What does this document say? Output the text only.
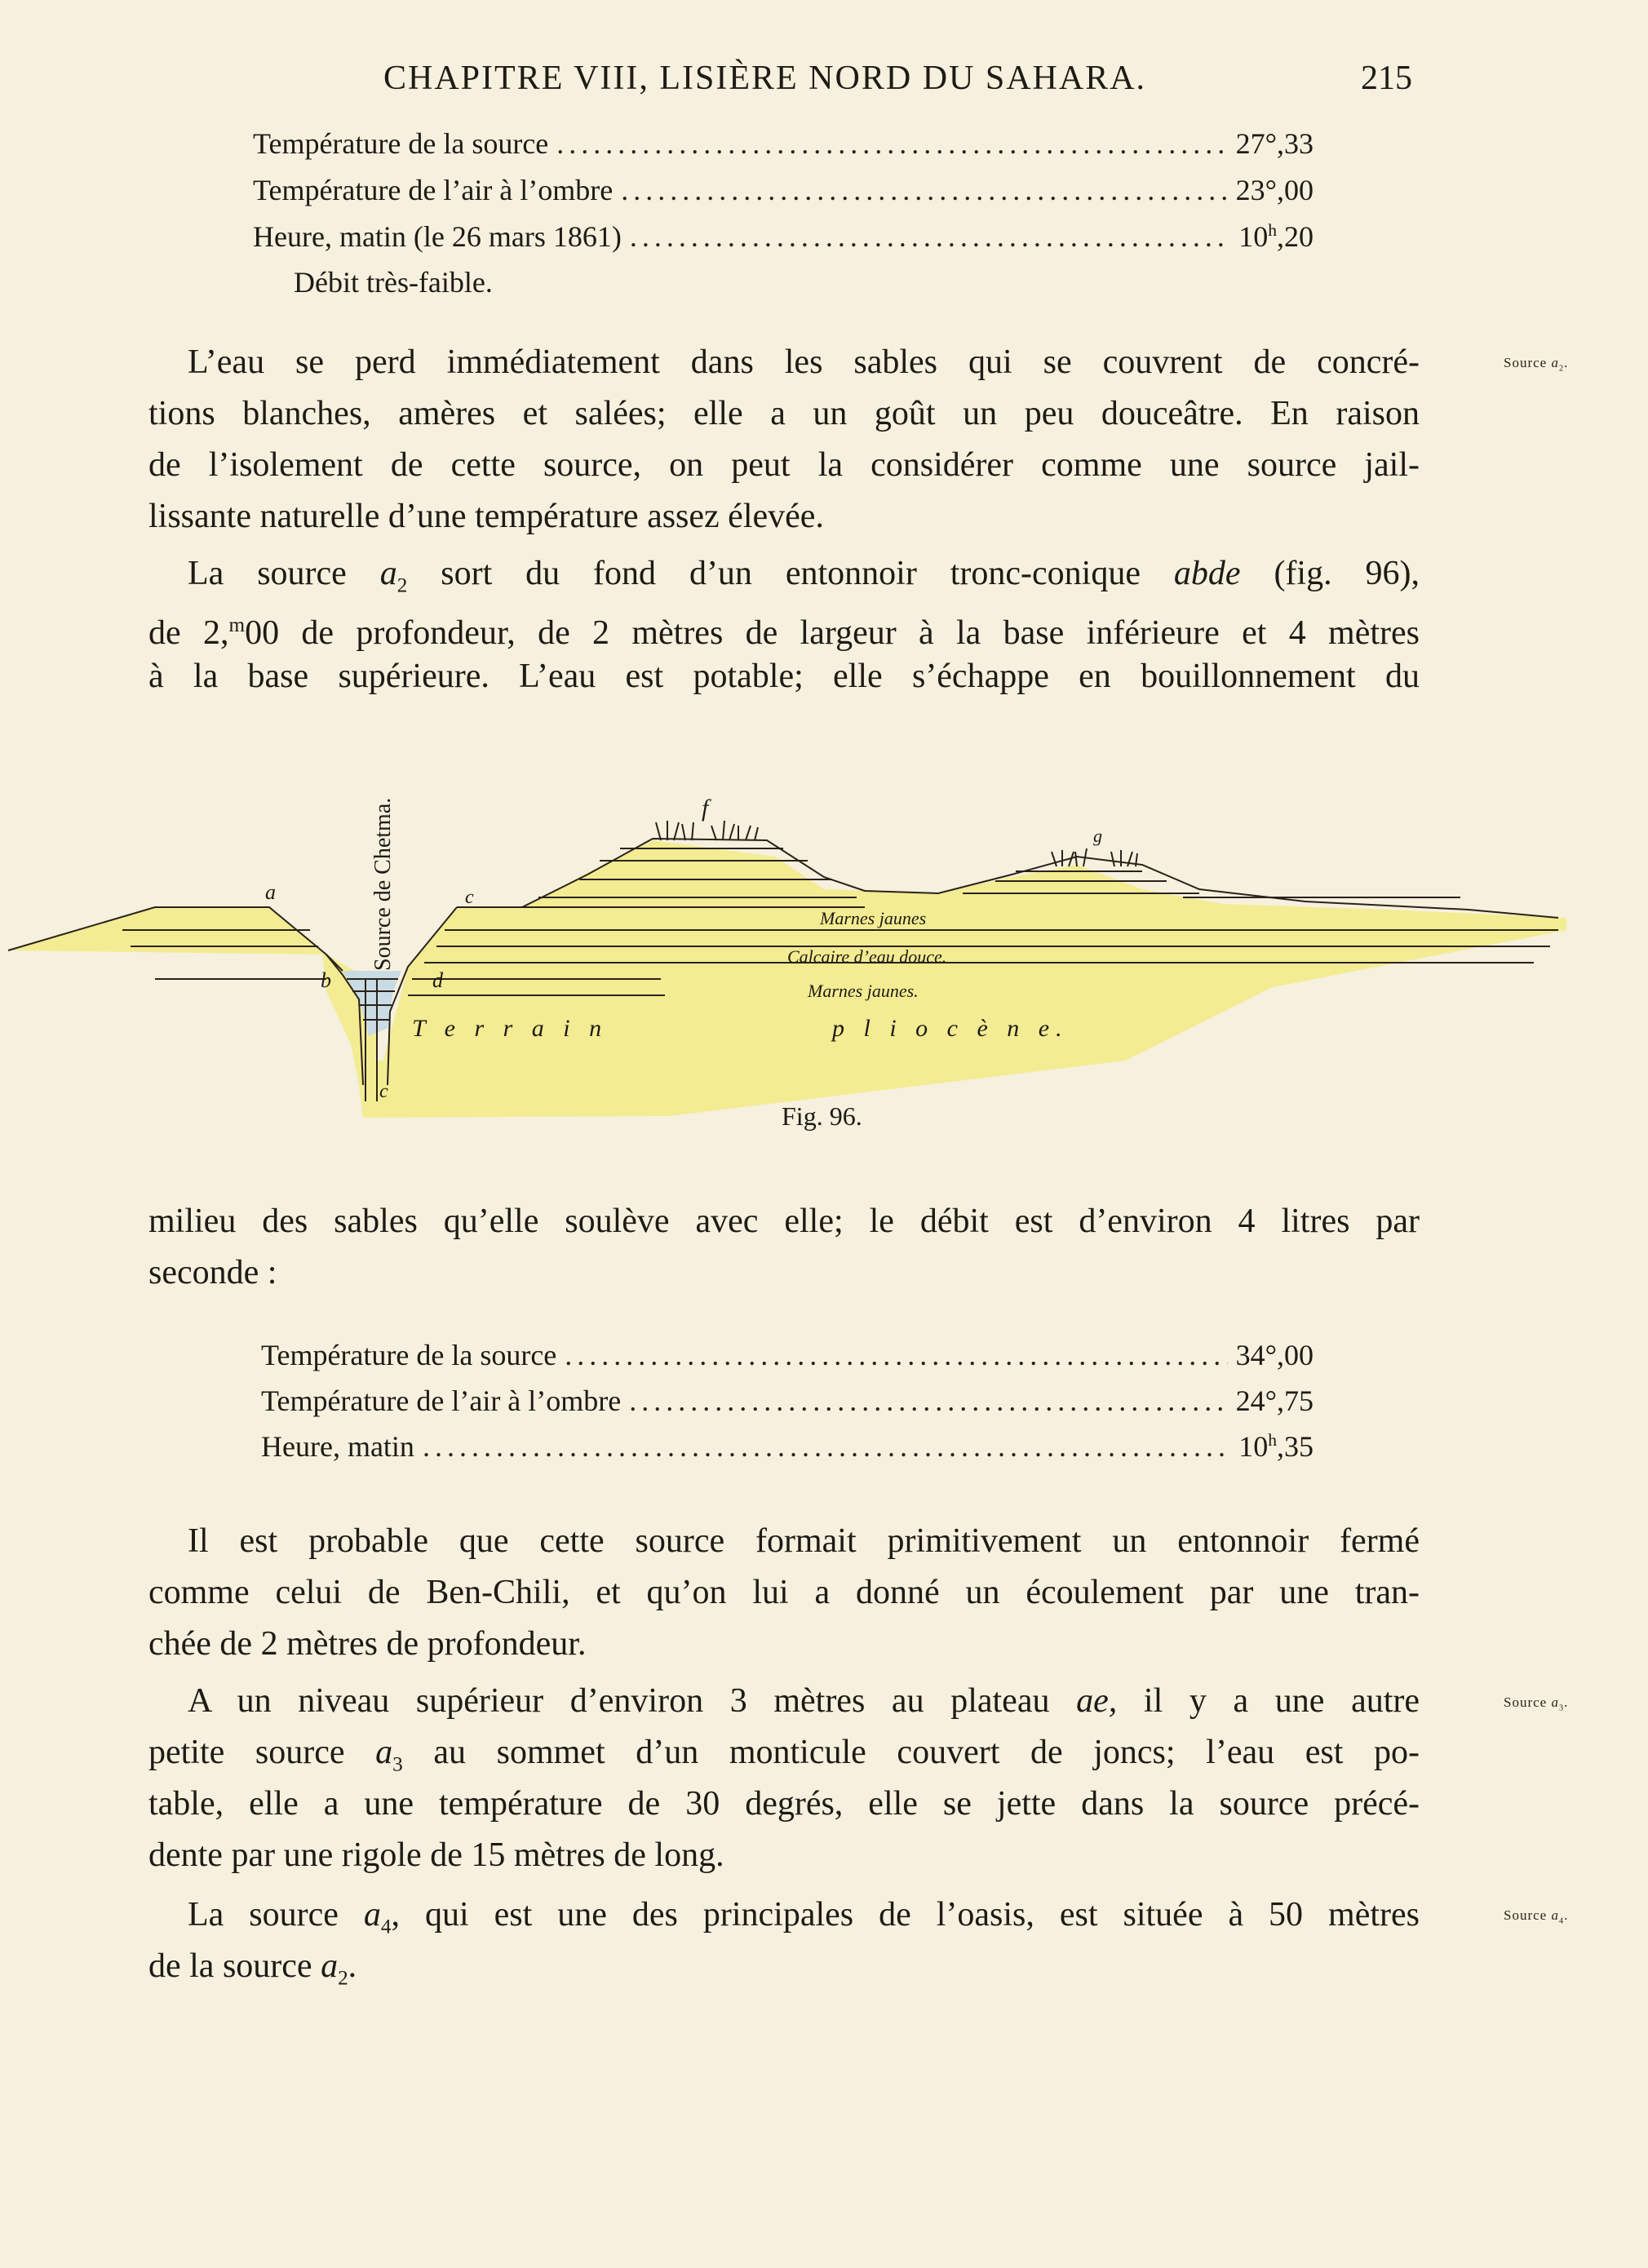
CHAPITRE VIII, LISIÈRE NORD DU SAHARA.	215
Température de la source .....	27°,33
Température de l’air à l’ombre .....	23°,00
Heure, matin (le 26 mars 1861) .....	10$^h$,20
Débit très-faible.
L’eau se perd immédiatement dans les sables qui se couvrent de concré-
tions blanches, amères et salées; elle a un goût un peu douceâtre. En raison
de l’isolement de cette source, on peut la considérer comme une source jail-
lissante naturelle d’une température assez élevée.
La source $a_2$ sort du fond d’un entonnoir tronc-conique abde (fig. 96),
de 2,$^m$00 de profondeur, de 2 mètres de largeur à la base inférieure et 4 mètres
à la base supérieure. L’eau est potable; elle s’échappe en bouillonnement du
a
b
c
d
c
f
g
Marnes jaunes
Calcaire d’eau douce.
Marnes jaunes.
T e r r a i n	p l i o c è n e.
Source de Chetma.
Fig. 96.
milieu des sables qu’elle soulève avec elle; le débit est d’environ 4 litres par
seconde :
Température de la source .....	34°,00
Température de l’air à l’ombre .....	24°,75
Heure, matin .....	10$^h$,35
Il est probable que cette source formait primitivement un entonnoir fermé
comme celui de Ben-Chili, et qu’on lui a donné un écoulement par une tran-
chée de 2 mètres de profondeur.
A un niveau supérieur d’environ 3 mètres au plateau ae, il y a une autre
petite source $a_3$ au sommet d’un monticule couvert de joncs; l’eau est po-
table, elle a une température de 30 degrés, elle se jette dans la source précé-
dente par une rigole de 15 mètres de long.
La source $a_4$, qui est une des principales de l’oasis, est située à 50 mètres
de la source $a_2$.
Source $a_2$.
Source $a_3$.
Source $a_4$.
